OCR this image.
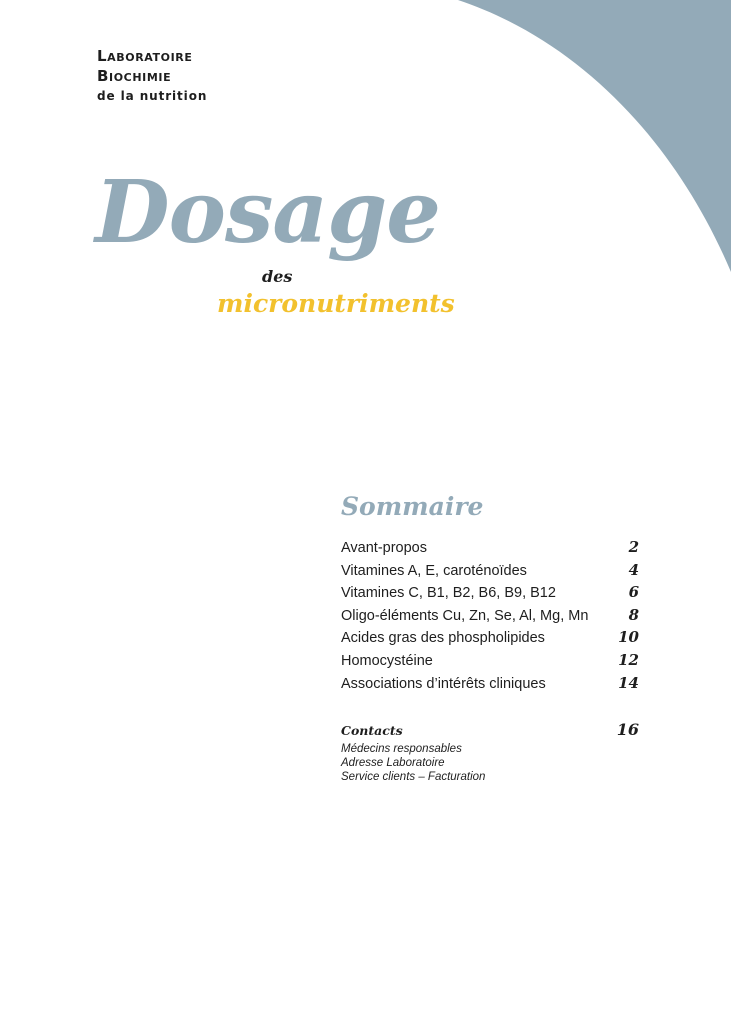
Laboratoire
Biochimie
de la nutrition
Dosage
des
micronutriments
Sommaire
Avant-propos	2
Vitamines A, E, caroténoïdes	4
Vitamines C, B1, B2, B6, B9, B12	6
Oligo-éléments Cu, Zn, Se, Al, Mg, Mn	8
Acides gras des phospholipides	10
Homocystéine	12
Associations d’intérêts cliniques	14
Contacts	16
Médecins responsables
Adresse Laboratoire
Service clients – Facturation
